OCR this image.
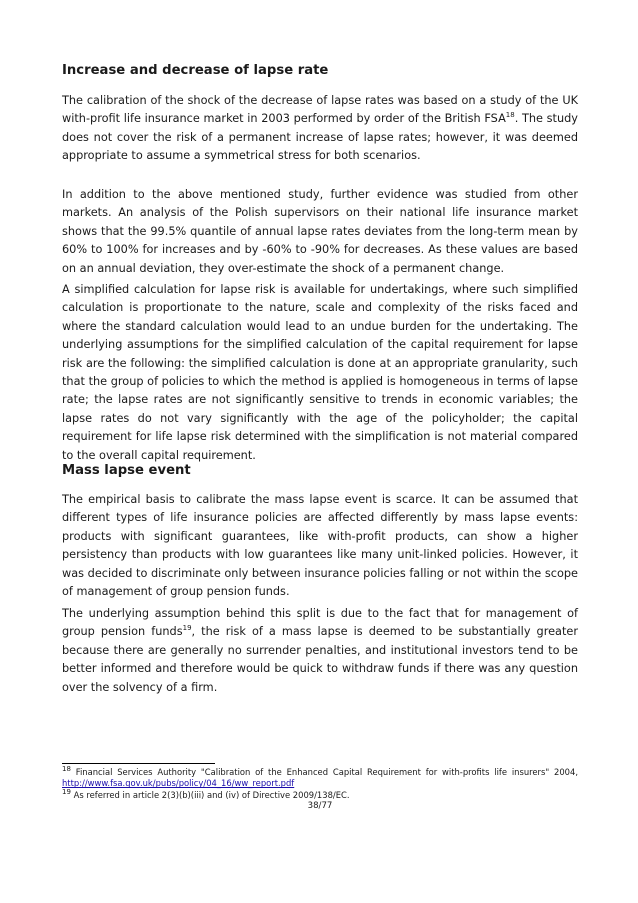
Increase and decrease of lapse rate

The calibration of the shock of the decrease of lapse rates was based on a study of the UK with-profit life insurance market in 2003 performed by order of the British FSA$^{18}$. The study does not cover the risk of a permanent increase of lapse rates; however, it was deemed appropriate to assume a symmetrical stress for both scenarios.

In addition to the above mentioned study, further evidence was studied from other markets. An analysis of the Polish supervisors on their national life insurance market shows that the 99.5% quantile of annual lapse rates deviates from the long-term mean by 60% to 100% for increases and by -60% to -90% for decreases. As these values are based on an annual deviation, they over-estimate the shock of a permanent change.

A simplified calculation for lapse risk is available for undertakings, where such simplified calculation is proportionate to the nature, scale and complexity of the risks faced and where the standard calculation would lead to an undue burden for the undertaking. The underlying assumptions for the simplified calculation of the capital requirement for lapse risk are the following: the simplified calculation is done at an appropriate granularity, such that the group of policies to which the method is applied is homogeneous in terms of lapse rate; the lapse rates are not significantly sensitive to trends in economic variables; the lapse rates do not vary significantly with the age of the policyholder; the capital requirement for life lapse risk determined with the simplification is not material compared to the overall capital requirement.

Mass lapse event

The empirical basis to calibrate the mass lapse event is scarce. It can be assumed that different types of life insurance policies are affected differently by mass lapse events: products with significant guarantees, like with-profit products, can show a higher persistency than products with low guarantees like many unit-linked policies. However, it was decided to discriminate only between insurance policies falling or not within the scope of management of group pension funds.

The underlying assumption behind this split is due to the fact that for management of group pension funds$^{19}$, the risk of a mass lapse is deemed to be substantially greater because there are generally no surrender penalties, and institutional investors tend to be better informed and therefore would be quick to withdraw funds if there was any question over the solvency of a firm.

$^{18}$ Financial Services Authority "Calibration of the Enhanced Capital Requirement for with-profits life insurers" 2004, http://www.fsa.gov.uk/pubs/policy/04_16/ww_report.pdf
$^{19}$ As referred in article 2(3)(b)(iii) and (iv) of Directive 2009/138/EC.
38/77
